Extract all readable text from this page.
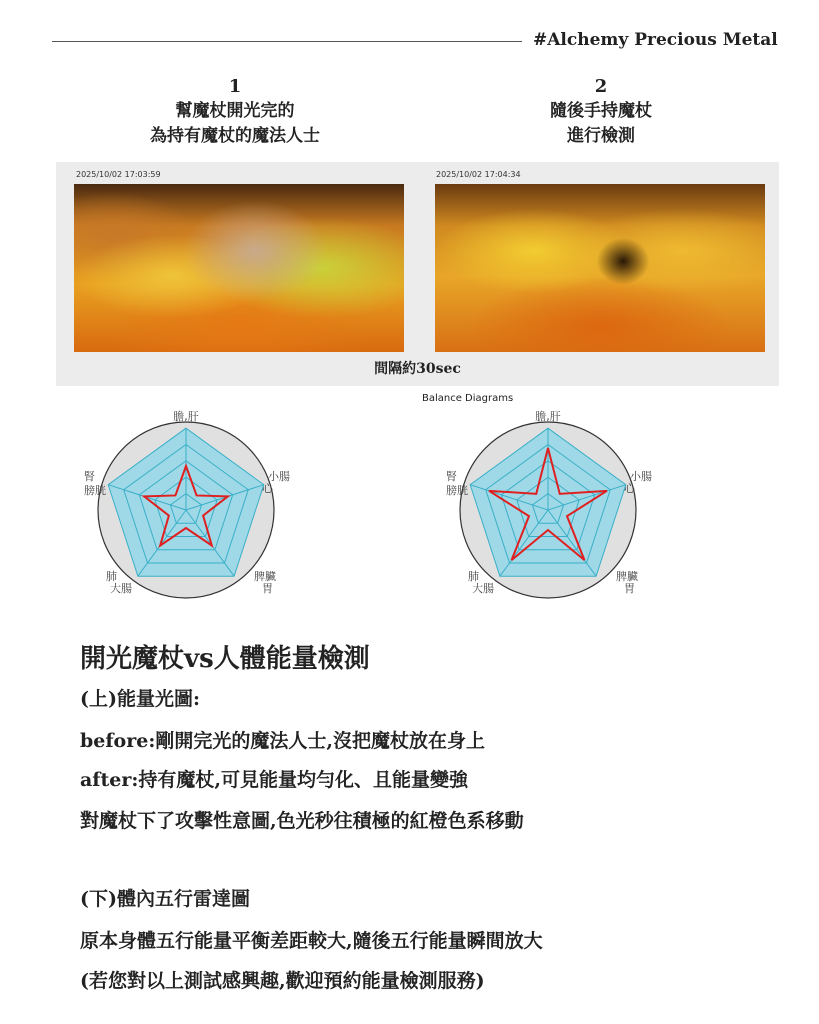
#Alchemy Precious Metal
1
幫魔杖開光完的
為持有魔杖的魔法人士
2
隨後手持魔杖
進行檢測
2025/10/02 17:03:59	2025/10/02 17:04:34
間隔約30sec
Balance Diagrams
膽,肝
小腸
心
脾臟
胃
肺
大腸
腎
膀胱
膽,肝
小腸
心
脾臟
胃
肺
大腸
腎
膀胱
開光魔杖vs人體能量檢測
(上)能量光圖:
before:剛開完光的魔法人士,沒把魔杖放在身上
after:持有魔杖,可見能量均勻化、且能量變強
對魔杖下了攻擊性意圖,色光秒往積極的紅橙色系移動
(下)體內五行雷達圖
原本身體五行能量平衡差距較大,隨後五行能量瞬間放大
(若您對以上測試感興趣,歡迎預約能量檢測服務)
